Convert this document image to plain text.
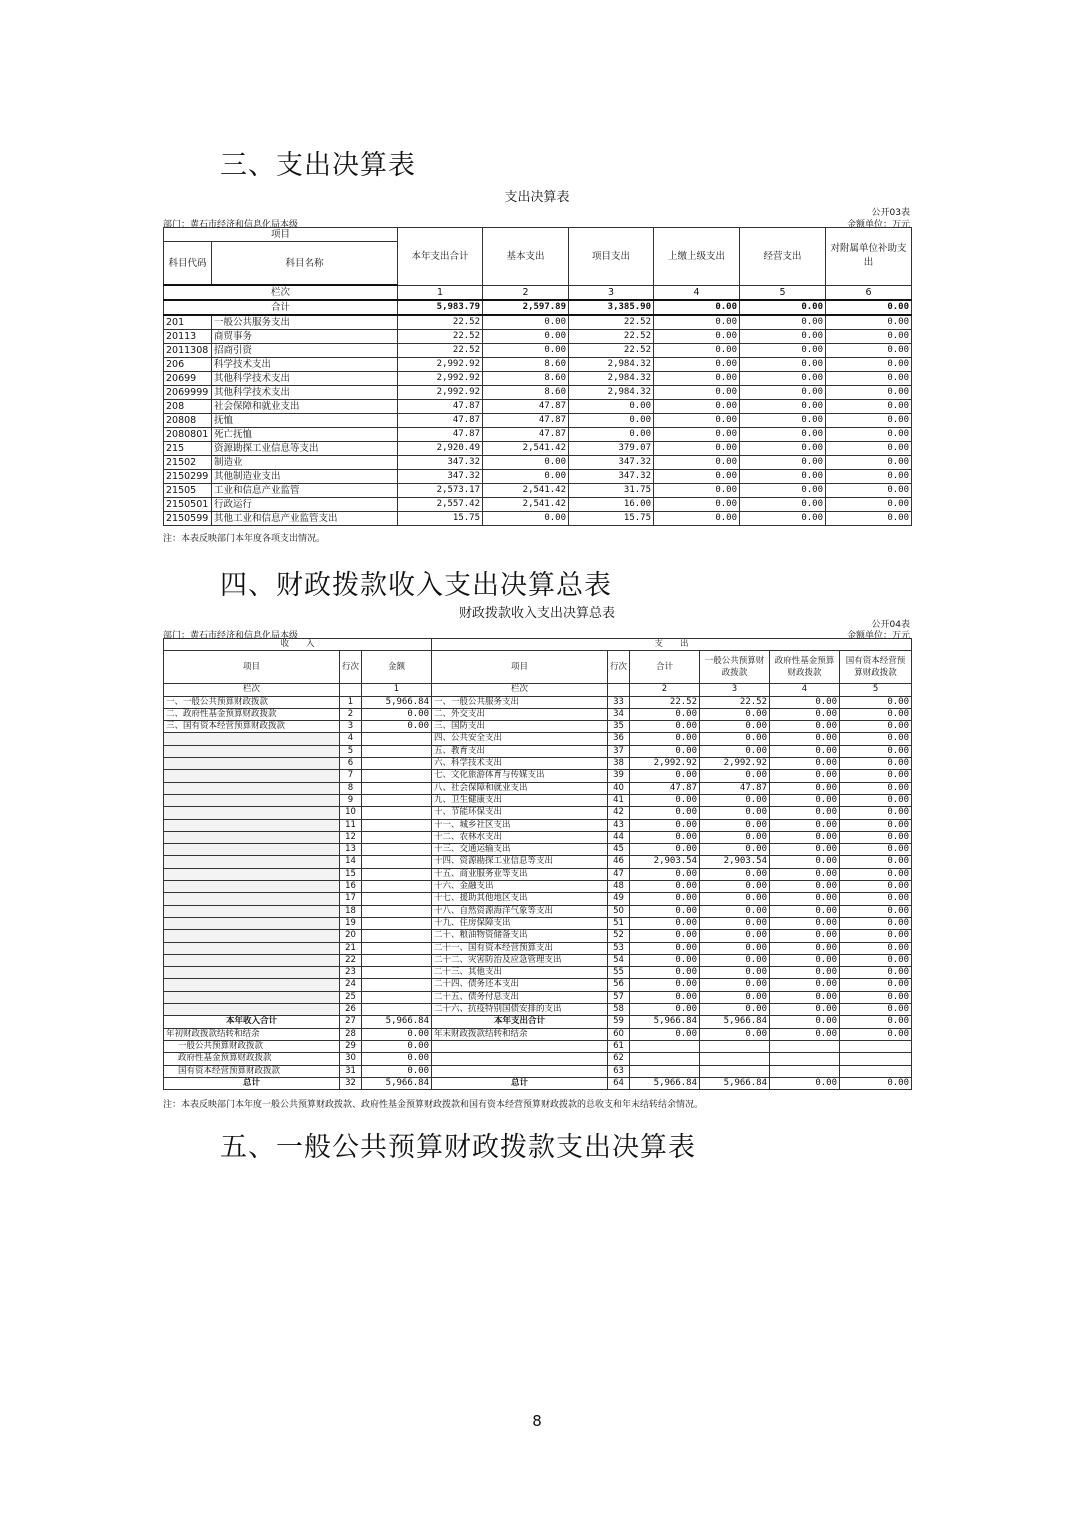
三、支出决算表
支出决算表
公开03表
部门：黄石市经济和信息化局本级	金额单位：万元
项目		本年支出合计	基本支出	项目支出	上缴上级支出	经营支出	对附属单位补助支出
科目代码	科目名称						
栏次		1	2	3	4	5	6
合计		5,983.79	2,597.89	3,385.90	0.00	0.00	0.00
201	一般公共服务支出	22.52	0.00	22.52	0.00	0.00	0.00
20113	商贸事务	22.52	0.00	22.52	0.00	0.00	0.00
2011308	招商引资	22.52	0.00	22.52	0.00	0.00	0.00
206	科学技术支出	2,992.92	8.60	2,984.32	0.00	0.00	0.00
20699	其他科学技术支出	2,992.92	8.60	2,984.32	0.00	0.00	0.00
2069999	其他科学技术支出	2,992.92	8.60	2,984.32	0.00	0.00	0.00
208	社会保障和就业支出	47.87	47.87	0.00	0.00	0.00	0.00
20808	抚恤	47.87	47.87	0.00	0.00	0.00	0.00
2080801	死亡抚恤	47.87	47.87	0.00	0.00	0.00	0.00
215	资源勘探工业信息等支出	2,920.49	2,541.42	379.07	0.00	0.00	0.00
21502	制造业	347.32	0.00	347.32	0.00	0.00	0.00
2150299	其他制造业支出	347.32	0.00	347.32	0.00	0.00	0.00
21505	工业和信息产业监管	2,573.17	2,541.42	31.75	0.00	0.00	0.00
2150501	行政运行	2,557.42	2,541.42	16.00	0.00	0.00	0.00
2150599	其他工业和信息产业监管支出	15.75	0.00	15.75	0.00	0.00	0.00
注：本表反映部门本年度各项支出情况。
四、财政拨款收入支出决算总表
财政拨款收入支出决算总表
公开04表
部门：黄石市经济和信息化局本级	金额单位：万元
收　　入			支　　出					
项目	行次	金额	项目	行次	合计	一般公共预算财政拨款	政府性基金预算财政拨款	国有资本经营预算财政拨款
栏次		1	栏次		2	3	4	5
一、一般公共预算财政拨款	1	5,966.84	一、一般公共服务支出	33	22.52	22.52	0.00	0.00
二、政府性基金预算财政拨款	2	0.00	二、外交支出	34	0.00	0.00	0.00	0.00
三、国有资本经营预算财政拨款	3	0.00	三、国防支出	35	0.00	0.00	0.00	0.00
	4		四、公共安全支出	36	0.00	0.00	0.00	0.00
	5		五、教育支出	37	0.00	0.00	0.00	0.00
	6		六、科学技术支出	38	2,992.92	2,992.92	0.00	0.00
	7		七、文化旅游体育与传媒支出	39	0.00	0.00	0.00	0.00
	8		八、社会保障和就业支出	40	47.87	47.87	0.00	0.00
	9		九、卫生健康支出	41	0.00	0.00	0.00	0.00
	10		十、节能环保支出	42	0.00	0.00	0.00	0.00
	11		十一、城乡社区支出	43	0.00	0.00	0.00	0.00
	12		十二、农林水支出	44	0.00	0.00	0.00	0.00
	13		十三、交通运输支出	45	0.00	0.00	0.00	0.00
	14		十四、资源勘探工业信息等支出	46	2,903.54	2,903.54	0.00	0.00
	15		十五、商业服务业等支出	47	0.00	0.00	0.00	0.00
	16		十六、金融支出	48	0.00	0.00	0.00	0.00
	17		十七、援助其他地区支出	49	0.00	0.00	0.00	0.00
	18		十八、自然资源海洋气象等支出	50	0.00	0.00	0.00	0.00
	19		十九、住房保障支出	51	0.00	0.00	0.00	0.00
	20		二十、粮油物资储备支出	52	0.00	0.00	0.00	0.00
	21		二十一、国有资本经营预算支出	53	0.00	0.00	0.00	0.00
	22		二十二、灾害防治及应急管理支出	54	0.00	0.00	0.00	0.00
	23		二十三、其他支出	55	0.00	0.00	0.00	0.00
	24		二十四、债务还本支出	56	0.00	0.00	0.00	0.00
	25		二十五、债务付息支出	57	0.00	0.00	0.00	0.00
	26		二十六、抗疫特别国债安排的支出	58	0.00	0.00	0.00	0.00
本年收入合计	27	5,966.84	本年支出合计	59	5,966.84	5,966.84	0.00	0.00
年初财政拨款结转和结余	28	0.00	年末财政拨款结转和结余	60	0.00	0.00	0.00	0.00
一般公共预算财政拨款	29	0.00		61				
政府性基金预算财政拨款	30	0.00		62				
国有资本经营预算财政拨款	31	0.00		63				
总计	32	5,966.84	总计	64	5,966.84	5,966.84	0.00	0.00
注：本表反映部门本年度一般公共预算财政拨款、政府性基金预算财政拨款和国有资本经营预算财政拨款的总收支和年末结转结余情况。
五、一般公共预算财政拨款支出决算表
8
